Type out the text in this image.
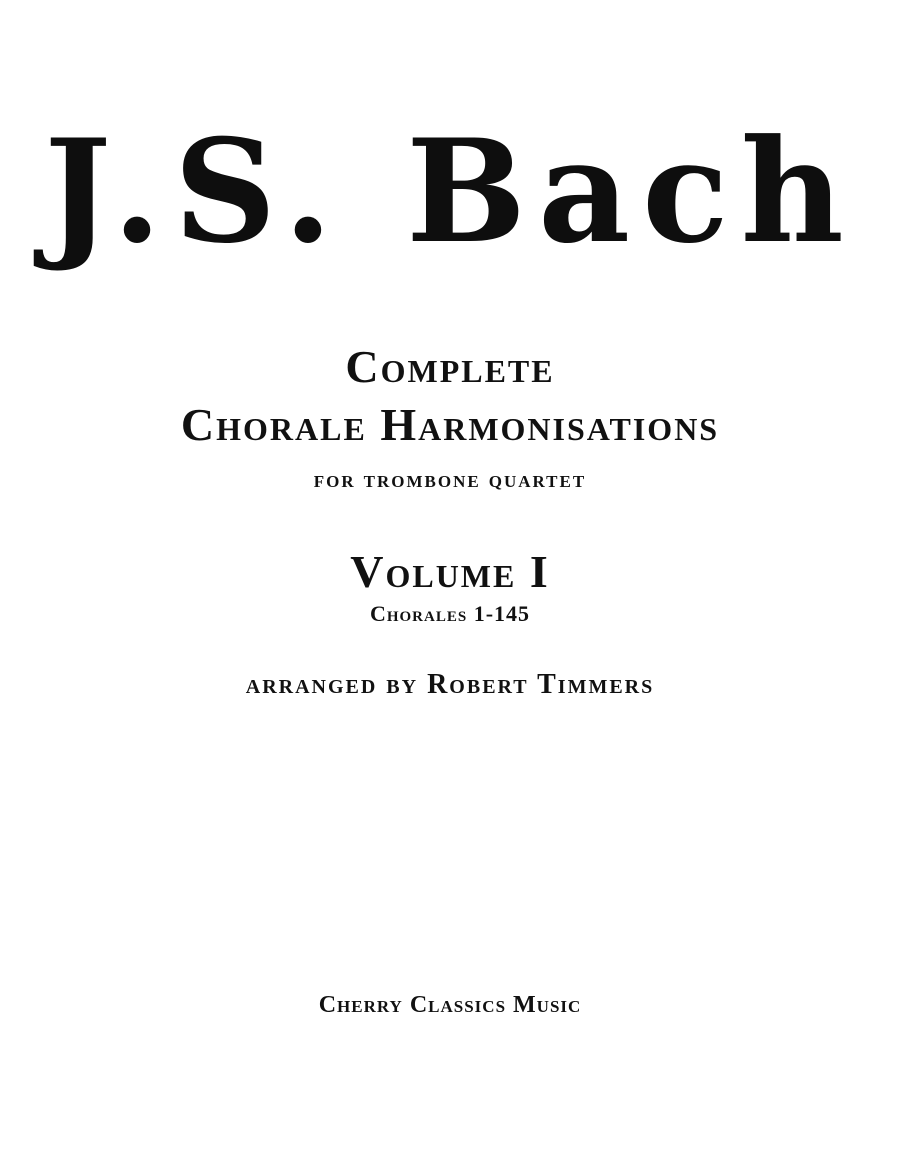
J.S. Bach
Complete
Chorale Harmonisations
for trombone quartet
Volume I
Chorales 1-145
arranged by Robert Timmers
Cherry Classics Music
